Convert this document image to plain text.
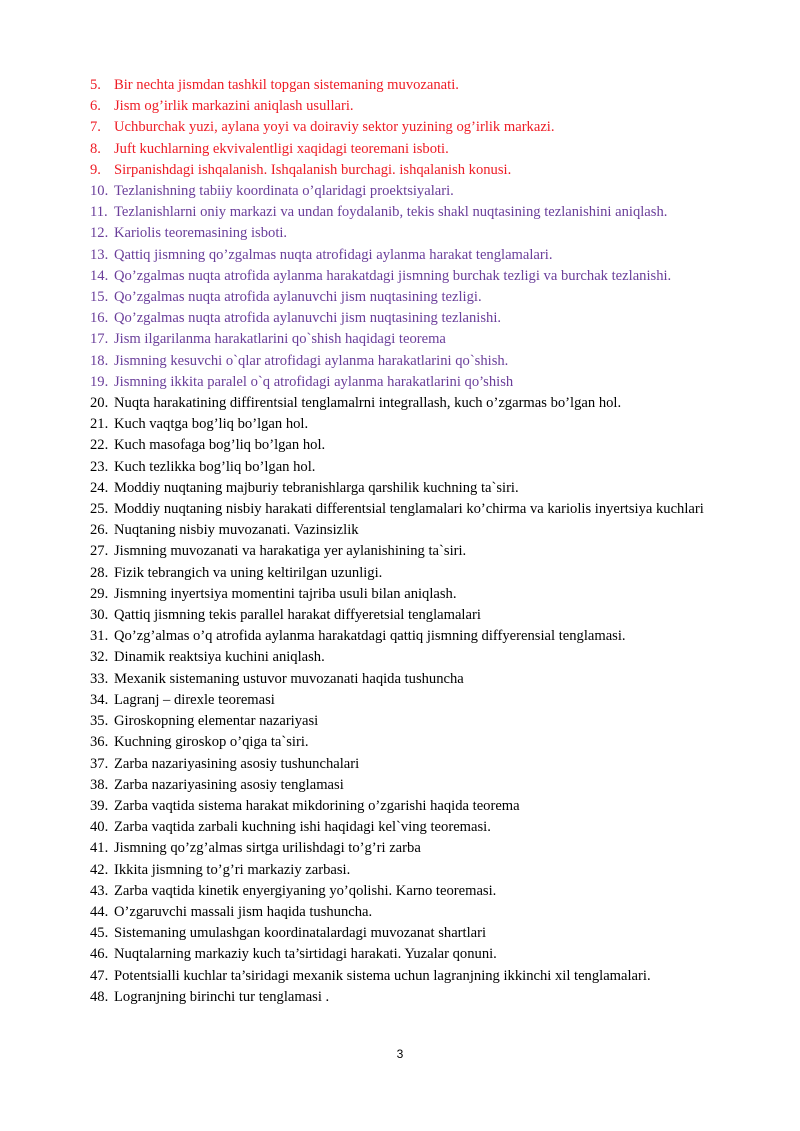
5. Bir nechta jismdan tashkil topgan sistemaning muvozanati.
6. Jism og’irlik markazini aniqlash usullari.
7. Uchburchak yuzi, aylana yoyi va doiraviy sektor yuzining og’irlik markazi.
8. Juft kuchlarning ekvivalentligi xaqidagi teoremani isboti.
9. Sirpanishdagi ishqalanish. Ishqalanish burchagi. ishqalanish konusi.
10. Tezlanishning tabiiy koordinata o’qlaridagi proektsiyalari.
11. Tezlanishlarni oniy markazi va undan foydalanib, tekis shakl nuqtasining tezlanishini aniqlash.
12. Kariolis teoremasining isboti.
13. Qattiq jismning qo’zgalmas nuqta atrofidagi aylanma harakat tenglamalari.
14. Qo’zgalmas nuqta atrofida aylanma harakatdagi jismning burchak tezligi va burchak tezlanishi.
15. Qo’zgalmas nuqta atrofida aylanuvchi jism nuqtasining tezligi.
16. Qo’zgalmas nuqta atrofida aylanuvchi jism nuqtasining tezlanishi.
17. Jism ilgarilanma harakatlarini qo`shish haqidagi teorema
18. Jismning kesuvchi o`qlar atrofidagi aylanma harakatlarini qo`shish.
19. Jismning ikkita paralel o`q atrofidagi aylanma harakatlarini qo’shish
20. Nuqta harakatining diffirentsial tenglamalrni integrallash, kuch o’zgarmas bo’lgan hol.
21. Kuch vaqtga bog’liq bo’lgan hol.
22. Kuch masofaga bog’liq bo’lgan hol.
23. Kuch tezlikka bog’liq bo’lgan hol.
24. Moddiy nuqtaning majburiy tebranishlarga qarshilik kuchning ta`siri.
25. Moddiy nuqtaning nisbiy harakati differentsial tenglamalari ko’chirma va kariolis inyertsiya kuchlari
26. Nuqtaning nisbiy muvozanati. Vazinsizlik
27. Jismning muvozanati va harakatiga yer aylanishining ta`siri.
28. Fizik tebrangich va uning keltirilgan uzunligi.
29. Jismning inyertsiya momentini tajriba usuli bilan aniqlash.
30. Qattiq jismning tekis parallel harakat diffyeretsial tenglamalari
31. Qo’zg’almas o’q atrofida aylanma harakatdagi qattiq jismning diffyerensial tenglamasi.
32. Dinamik reaktsiya kuchini aniqlash.
33. Mexanik sistemaning ustuvor muvozanati haqida tushuncha
34. Lagranj – direxle teoremasi
35. Giroskopning elementar nazariyasi
36. Kuchning giroskop o’qiga ta`siri.
37. Zarba nazariyasining asosiy tushunchalari
38. Zarba nazariyasining asosiy tenglamasi
39. Zarba vaqtida sistema harakat mikdorining o’zgarishi haqida teorema
40. Zarba vaqtida zarbali kuchning ishi haqidagi kel`ving teoremasi.
41. Jismning qo’zg’almas sirtga urilishdagi to’g’ri zarba
42. Ikkita jismning to’g’ri markaziy zarbasi.
43. Zarba vaqtida kinetik enyergiyaning yo’qolishi. Karno teoremasi.
44. O’zgaruvchi massali jism haqida tushuncha.
45. Sistemaning umulashgan koordinatalardagi muvozanat shartlari
46. Nuqtalarning markaziy kuch ta’sirtidagi harakati. Yuzalar qonuni.
47. Potentsialli kuchlar ta’siridagi mexanik sistema uchun lagranjning ikkinchi xil tenglamalari.
48. Logranjning birinchi tur tenglamasi .
3
